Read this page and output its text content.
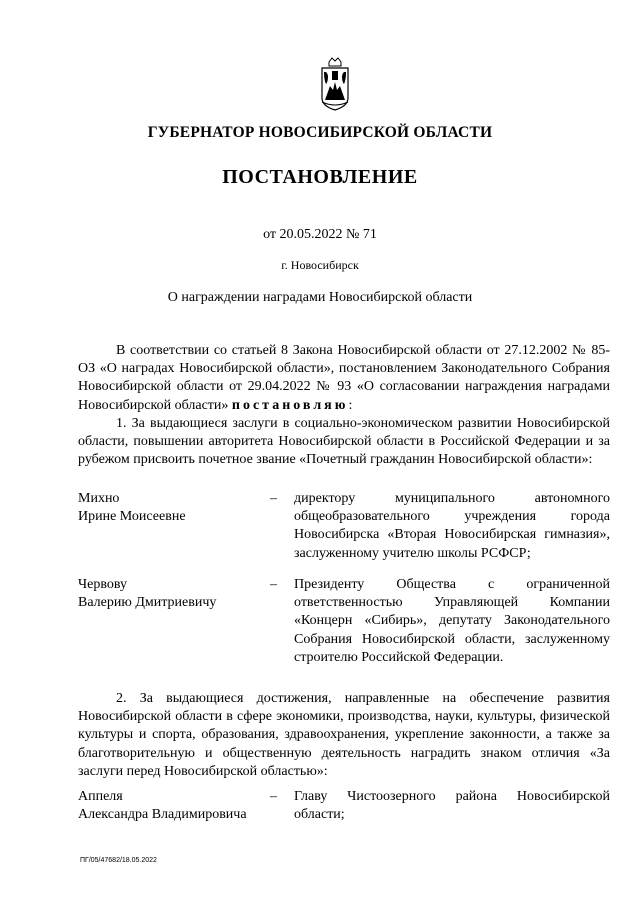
ГУБЕРНАТОР НОВОСИБИРСКОЙ ОБЛАСТИ
ПОСТАНОВЛЕНИЕ
от 20.05.2022 № 71
г. Новосибирск
О награждении наградами Новосибирской области
В соответствии со статьей 8 Закона Новосибирской области от 27.12.2002 № 85-ОЗ «О наградах Новосибирской области», постановлением Законодательного Собрания Новосибирской области от 29.04.2022 № 93 «О согласовании награждения наградами Новосибирской области» постановляю:
1. За выдающиеся заслуги в социально-экономическом развитии Новосибирской области, повышении авторитета Новосибирской области в Российской Федерации и за рубежом присвоить почетное звание «Почетный гражданин Новосибирской области»:
Михно
Ирине Моисеевне
– директору муниципального автономного общеобразовательного учреждения города Новосибирска «Вторая Новосибирская гимназия», заслуженному учителю школы РСФСР;
Червову
Валерию Дмитриевичу
– Президенту Общества с ограниченной ответственностью Управляющей Компании «Концерн «Сибирь», депутату Законодательного Собрания Новосибирской области, заслуженному строителю Российской Федерации.
2. За выдающиеся достижения, направленные на обеспечение развития Новосибирской области в сфере экономики, производства, науки, культуры, физической культуры и спорта, образования, здравоохранения, укрепление законности, а также за благотворительную и общественную деятельность наградить знаком отличия «За заслуги перед Новосибирской областью»:
Аппеля
Александра Владимировича
– Главу Чистоозерного района Новосибирской области;
ПГ/05/47682/18.05.2022
